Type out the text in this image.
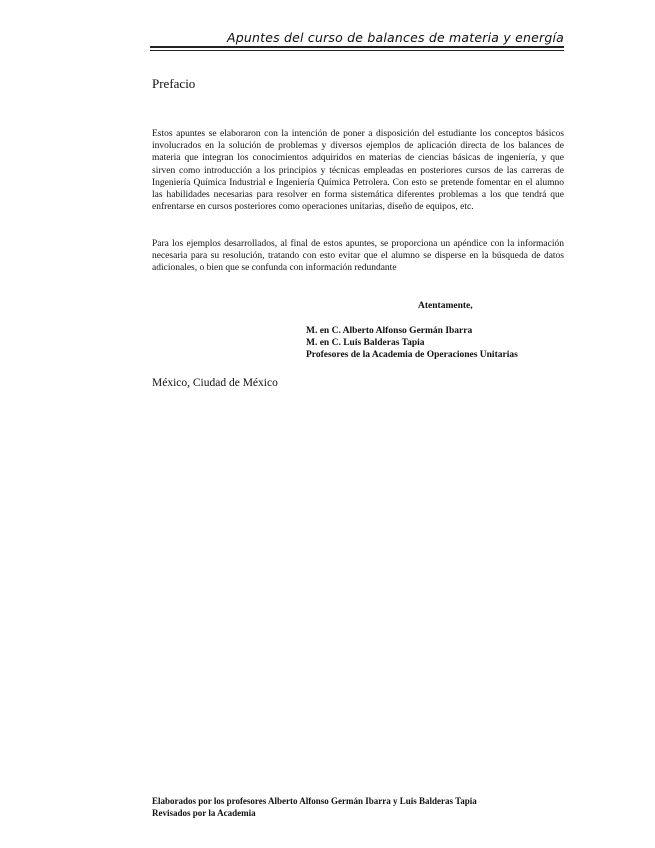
Apuntes del curso de balances de materia y energía
Prefacio

Estos apuntes se elaboraron con la intención de poner a disposición del estudiante los conceptos básicos involucrados en la solución de problemas y diversos ejemplos de aplicación directa de los balances de materia que integran los conocimientos adquiridos en materias de ciencias básicas de ingeniería, y que sirven como introducción a los principios y técnicas empleadas en posteriores cursos de las carreras de Ingeniería Química Industrial e Ingeniería Química Petrolera. Con esto se pretende fomentar en el alumno las habilidades necesarias para resolver en forma sistemática diferentes problemas a los que tendrá que enfrentarse en cursos posteriores como operaciones unitarias, diseño de equipos, etc.

Para los ejemplos desarrollados, al final de estos apuntes, se proporciona un apéndice con la información necesaria para su resolución, tratando con esto evitar que el alumno se disperse en la búsqueda de datos adicionales, o bien que se confunda con información redundante

Atentamente,
M. en C. Alberto Alfonso Germán Ibarra
M. en C. Luis Balderas Tapia
Profesores de la Academia de Operaciones Unitarias
México, Ciudad de México
Elaborados por los profesores Alberto Alfonso Germán Ibarra y Luis Balderas Tapia
Revisados por la Academia
